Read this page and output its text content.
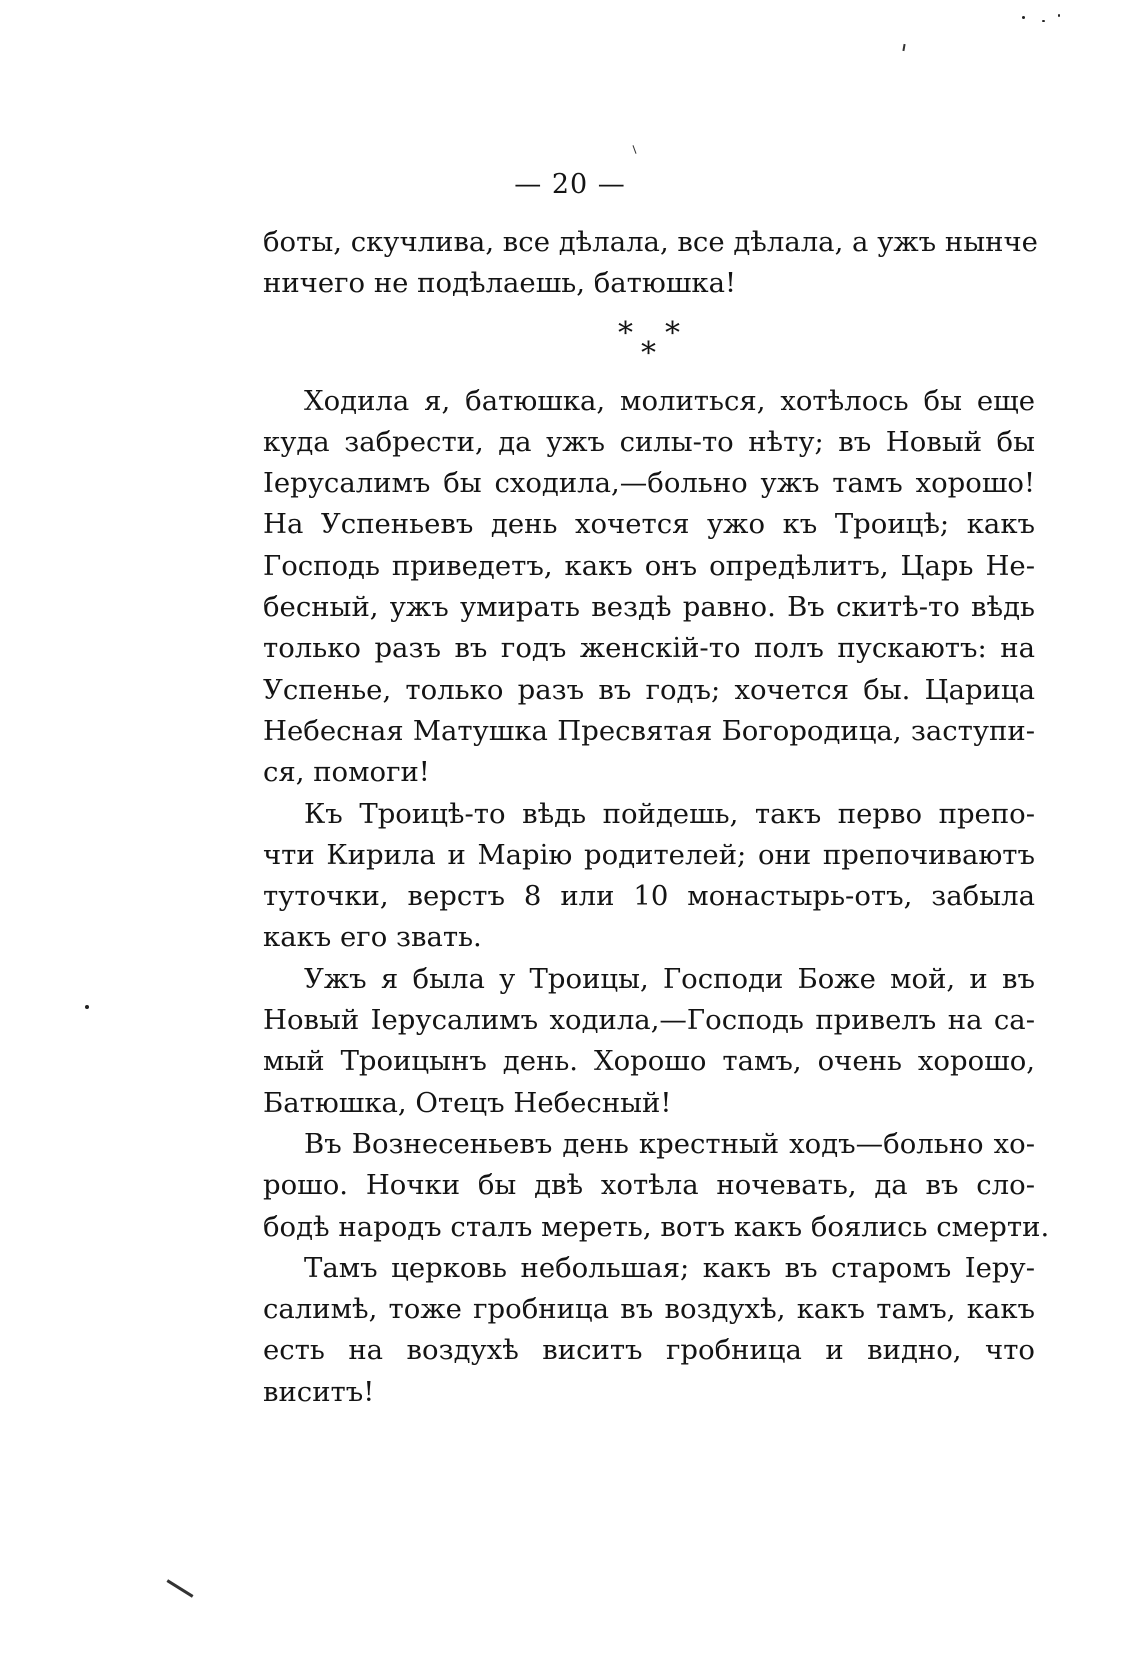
— 20 —
боты, скучлива, все дѣлала, все дѣлала, а ужъ нынче
ничего не подѣлаешь, батюшка!
* *
*
Ходила я, батюшка, молиться, хотѣлось бы еще
куда забрести, да ужъ силы-то нѣту; въ Новый бы
Іерусалимъ бы сходила,—больно ужъ тамъ хорошо!
На Успеньевъ день хочется ужо къ Троицѣ; какъ
Господь приведетъ, какъ онъ опредѣлитъ, Царь Не-
бесный, ужъ умирать вездѣ равно. Въ скитѣ-то вѣдь
только разъ въ годъ женскій-то полъ пускаютъ: на
Успенье, только разъ въ годъ; хочется бы. Царица
Небесная Матушка Пресвятая Богородица, заступи-
ся, помоги!
Къ Троицѣ-то вѣдь пойдешь, такъ перво препо-
чти Кирила и Марію родителей; они препочиваютъ
туточки, верстъ 8 или 10 монастырь-отъ, забыла
какъ его звать.
Ужъ я была у Троицы, Господи Боже мой, и въ
Новый Іерусалимъ ходила,—Господь привелъ на са-
мый Троицынъ день. Хорошо тамъ, очень хорошо,
Батюшка, Отецъ Небесный!
Въ Вознесеньевъ день крестный ходъ—больно хо-
рошо. Ночки бы двѣ хотѣла ночевать, да въ сло-
бодѣ народъ сталъ мереть, вотъ какъ боялись смерти.
Тамъ церковь небольшая; какъ въ старомъ Іеру-
салимѣ, тоже гробница въ воздухѣ, какъ тамъ, какъ
есть на воздухѣ виситъ гробница и видно, что
виситъ!
